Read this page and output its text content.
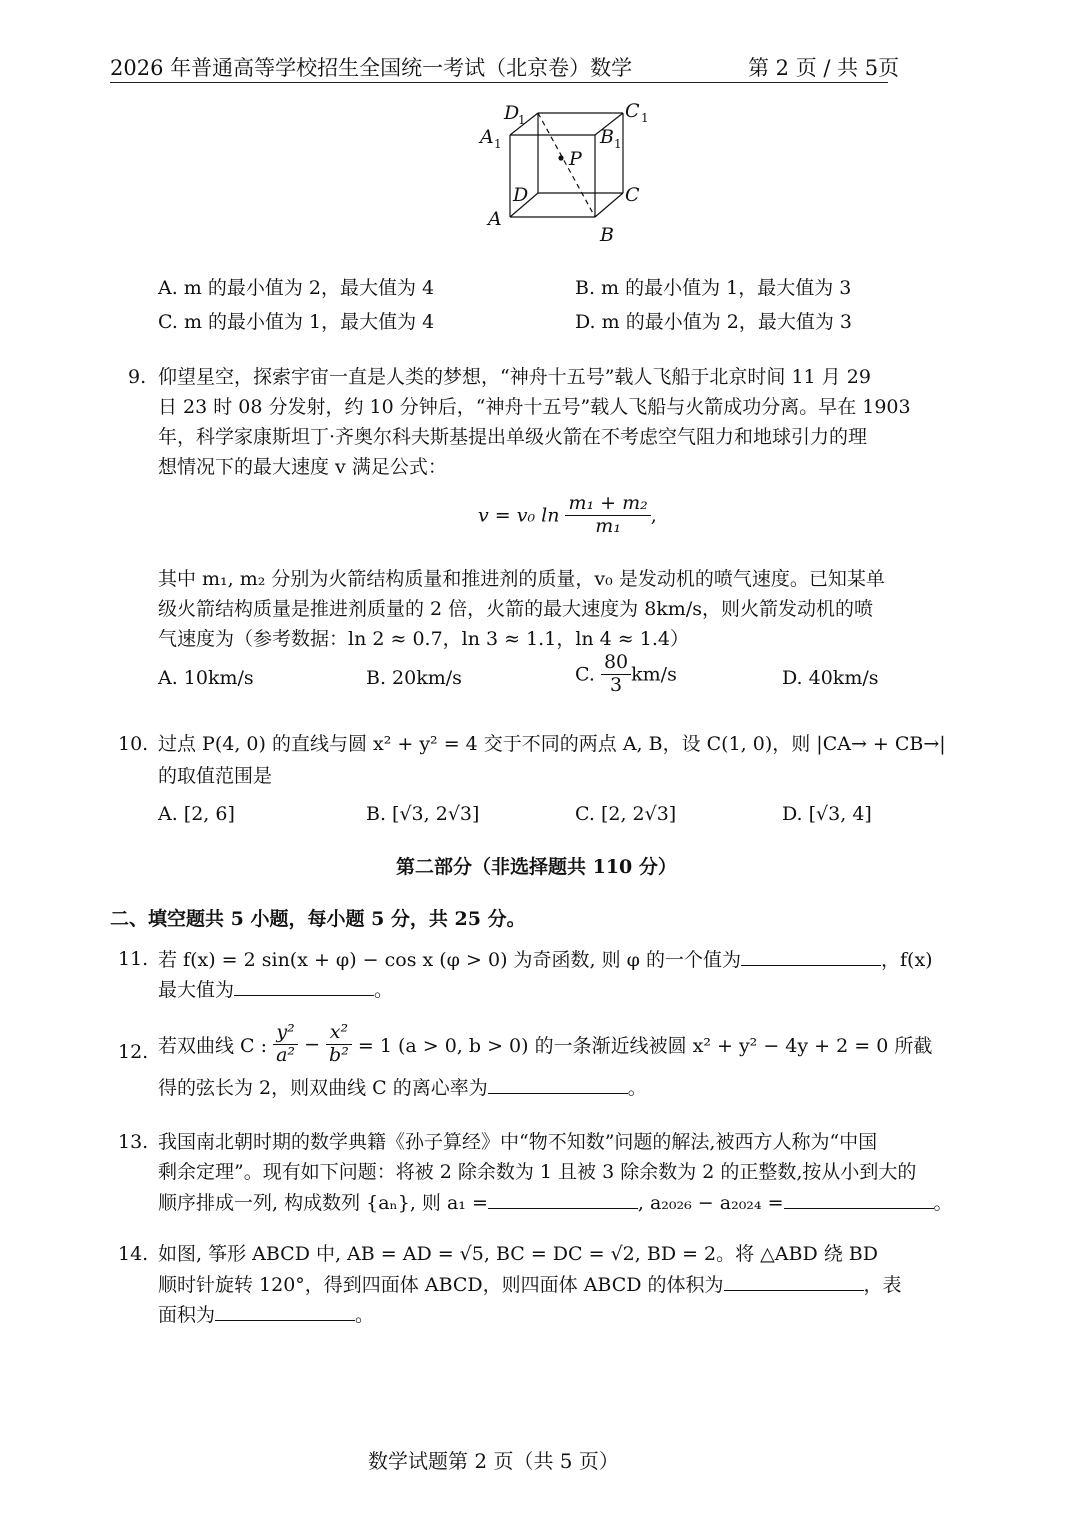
2026 年普通高等学校招生全国统一考试（北京卷）数学	第 2 页 / 共 5页
D
1	C 1
A 1	B 1
P
D	C
A
B
A. m 的最小值为 2，最大值为 4	B. m 的最小值为 1，最大值为 3
C. m 的最小值为 1，最大值为 4	D. m 的最小值为 2，最大值为 3
9. 仰望星空，探索宇宙一直是人类的梦想，“神舟十五号”载人飞船于北京时间 11 月 29
日 23 时 08 分发射，约 10 分钟后，“神舟十五号”载人飞船与火箭成功分离。早在 1903
年，科学家康斯坦丁·齐奥尔科夫斯基提出单级火箭在不考虑空气阻力和地球引力的理
想情况下的最大速度 v 满足公式：
v = v₀ $\ln \frac{\text{m₁ + m₂}}{\text{m₁}}$ ,
其中 m₁, m₂ 分别为火箭结构质量和推进剂的质量，v₀ 是发动机的喷气速度。已知某单
级火箭结构质量是推进剂质量的 2 倍，火箭的最大速度为 8km/s，则火箭发动机的喷
气速度为（参考数据：ln 2 ≈ 0.7，ln 3 ≈ 1.1，ln 4 ≈ 1.4）
A. 10km/s	B. 20km/s	C. $\frac{80}{3} km/s$	D. 40km/s
10. 过点 P(4, 0) 的直线与圆 x² + y² = 4 交于不同的两点 A, B，设 C(1, 0)，则 |CA→ + CB→|
的取值范围是
A. [2, 6]	B. [√3, 2√3]	C. [2, 2√3]	D. [√3, 4]
第二部分（非选择题共 110 分）
二、填空题共 5 小题，每小题 5 分，共 25 分。
11. 若 f(x) = 2 sin(x + φ) − cos x (φ > 0) 为奇函数, 则 φ 的一个值为	，f(x)
最大值为	。
12. 若双曲线 C : $\frac{\text{y²}}{\text{a²}} - \frac{\text{x²}}{\text{b²}} = 1$ (a > 0, b > 0) 的一条渐近线被圆 x² + y² − 4y + 2 = 0 所截
得的弦长为 2，则双曲线 C 的离心率为	。
13. 我国南北朝时期的数学典籍《孙子算经》中“物不知数”问题的解法,被西方人称为“中国
剩余定理”。现有如下问题：将被 2 除余数为 1 且被 3 除余数为 2 的正整数,按从小到大的
顺序排成一列, 构成数列 {aₙ}, 则 a₁ =	, a₂₀₂₆ − a₂₀₂₄ =	。
14. 如图, 筝形 ABCD 中, AB = AD = √5, BC = DC = √2, BD = 2。将 △ABD 绕 BD
顺时针旋转 120°，得到四面体 ABCD，则四面体 ABCD 的体积为	，表
面积为	。
数学试题第 2 页（共 5 页）
